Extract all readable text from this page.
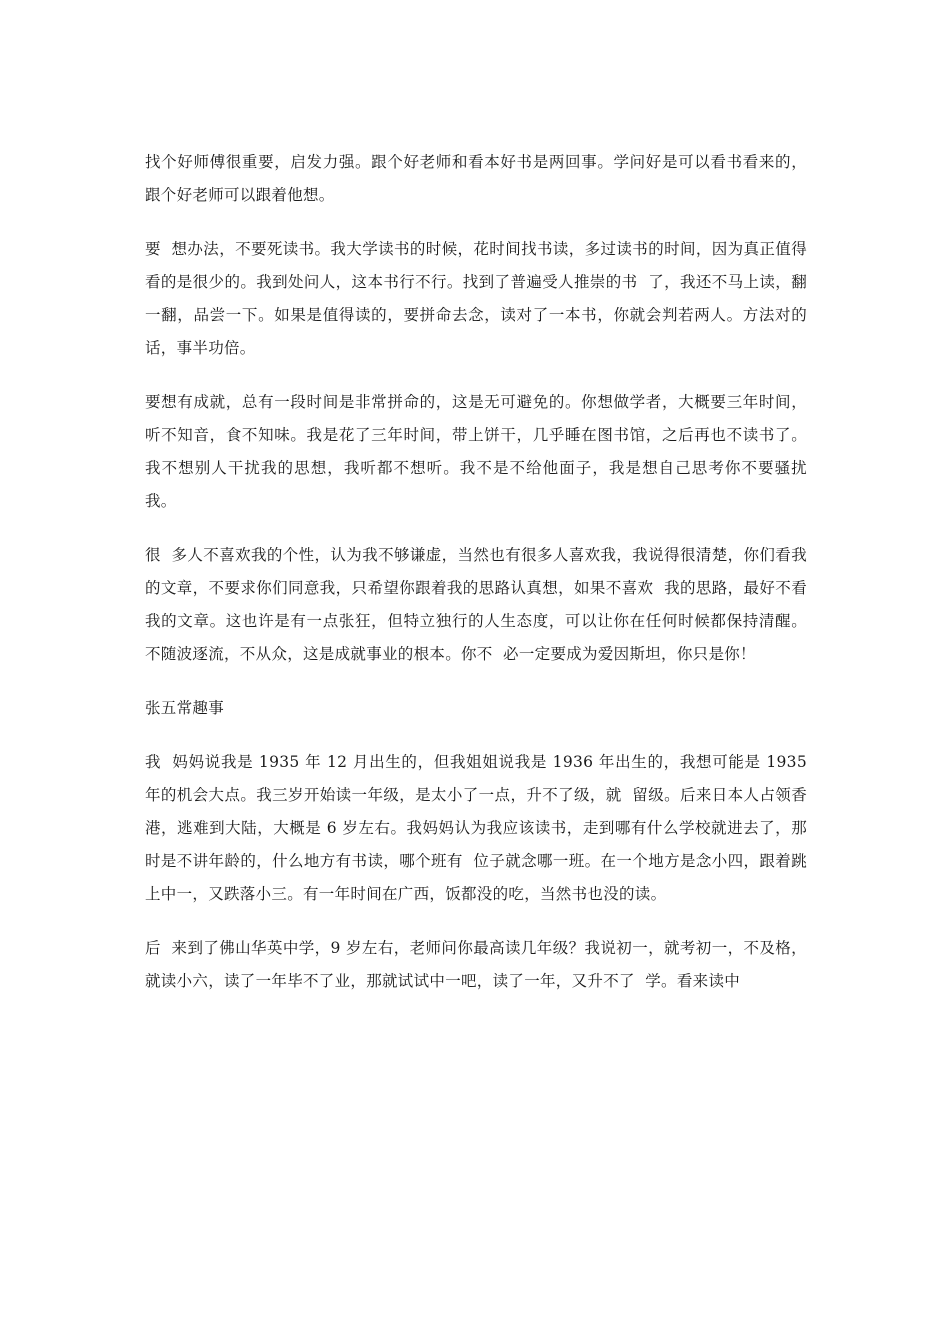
找个好师傅很重要，启发力强。跟个好老师和看本好书是两回事。学问好是可以看书看来的，跟个好老师可以跟着他想。

要  想办法，不要死读书。我大学读书的时候，花时间找书读，多过读书的时间，因为真正值得看的是很少的。我到处问人，这本书行不行。找到了普遍受人推崇的书  了，我还不马上读，翻一翻，品尝一下。如果是值得读的，要拼命去念，读对了一本书，你就会判若两人。方法对的话，事半功倍。

要想有成就，总有一段时间是非常拼命的，这是无可避免的。你想做学者，大概要三年时间，听不知音，食不知味。我是花了三年时间，带上饼干，几乎睡在图书馆，之后再也不读书了。我不想别人干扰我的思想，我听都不想听。我不是不给他面子，我是想自己思考你不要骚扰我。

很  多人不喜欢我的个性，认为我不够谦虚，当然也有很多人喜欢我，我说得很清楚，你们看我的文章，不要求你们同意我，只希望你跟着我的思路认真想，如果不喜欢  我的思路，最好不看我的文章。这也许是有一点张狂，但特立独行的人生态度，可以让你在任何时候都保持清醒。不随波逐流，不从众，这是成就事业的根本。你不  必一定要成为爱因斯坦，你只是你！

张五常趣事

我  妈妈说我是 1935 年 12 月出生的，但我姐姐说我是 1936 年出生的，我想可能是 1935 年的机会大点。我三岁开始读一年级，是太小了一点，升不了级，就  留级。后来日本人占领香港，逃难到大陆，大概是 6 岁左右。我妈妈认为我应该读书，走到哪有什么学校就进去了，那时是不讲年龄的，什么地方有书读，哪个班有  位子就念哪一班。在一个地方是念小四，跟着跳上中一，又跌落小三。有一年时间在广西，饭都没的吃，当然书也没的读。

后  来到了佛山华英中学，9 岁左右，老师问你最高读几年级？我说初一，就考初一，不及格，就读小六，读了一年毕不了业，那就试试中一吧，读了一年，又升不了  学。看来读中
